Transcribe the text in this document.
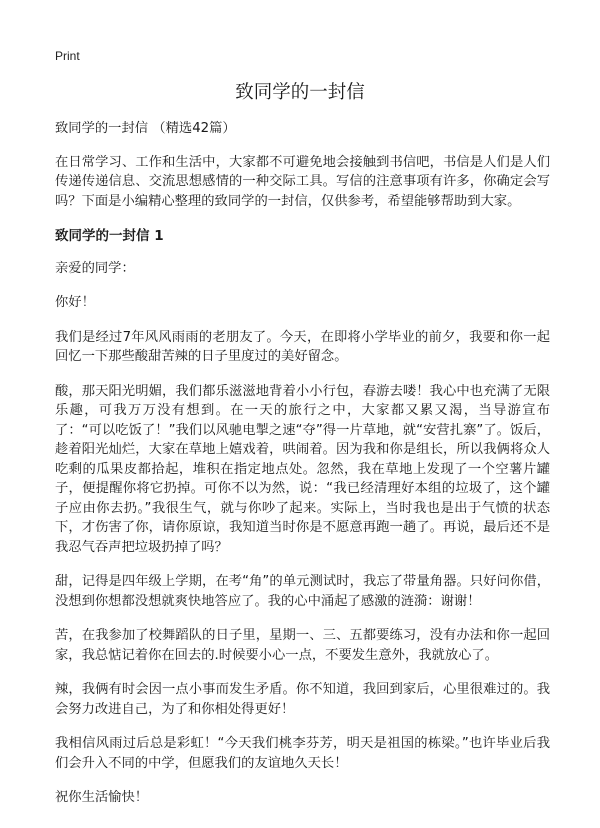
Print
致同学的一封信

致同学的一封信 （精选42篇）

在日常学习、工作和生活中，大家都不可避免地会接触到书信吧，书信是人们是人们传递传递信息、交流思想感情的一种交际工具。写信的注意事项有许多，你确定会写吗？下面是小编精心整理的致同学的一封信，仅供参考，希望能够帮助到大家。

致同学的一封信 1

亲爱的同学：

你好！

我们是经过7年风风雨雨的老朋友了。今天，在即将小学毕业的前夕，我要和你一起回忆一下那些酸甜苦辣的日子里度过的美好留念。

酸，那天阳光明媚，我们都乐滋滋地背着小小行包，春游去喽！我心中也充满了无限乐趣，可我万万没有想到。在一天的旅行之中，大家都又累又渴，当导游宣布了：“可以吃饭了！”我们以风驰电掣之速“夺”得一片草地，就“安营扎寨”了。饭后，趁着阳光灿烂，大家在草地上嬉戏着，哄闹着。因为我和你是组长，所以我俩将众人吃剩的瓜果皮都拾起，堆积在指定地点处。忽然，我在草地上发现了一个空薯片罐子，便提醒你将它扔掉。可你不以为然，说：“我已经清理好本组的垃圾了，这个罐子应由你去扔。”我很生气，就与你吵了起来。实际上，当时我也是出于气愤的状态下，才伤害了你，请你原谅，我知道当时你是不愿意再跑一趟了。再说，最后还不是我忍气吞声把垃圾扔掉了吗？

甜，记得是四年级上学期，在考“角”的单元测试时，我忘了带量角器。只好问你借，没想到你想都没想就爽快地答应了。我的心中涌起了感激的涟漪：谢谢！

苦，在我参加了校舞蹈队的日子里，星期一、三、五都要练习，没有办法和你一起回家，我总惦记着你在回去的.时候要小心一点，不要发生意外，我就放心了。

辣，我俩有时会因一点小事而发生矛盾。你不知道，我回到家后，心里很难过的。我会努力改进自己，为了和你相处得更好！

我相信风雨过后总是彩虹！“今天我们桃李芬芳，明天是祖国的栋梁。”也许毕业后我们会升入不同的中学，但愿我们的友谊地久天长！

祝你生活愉快！
